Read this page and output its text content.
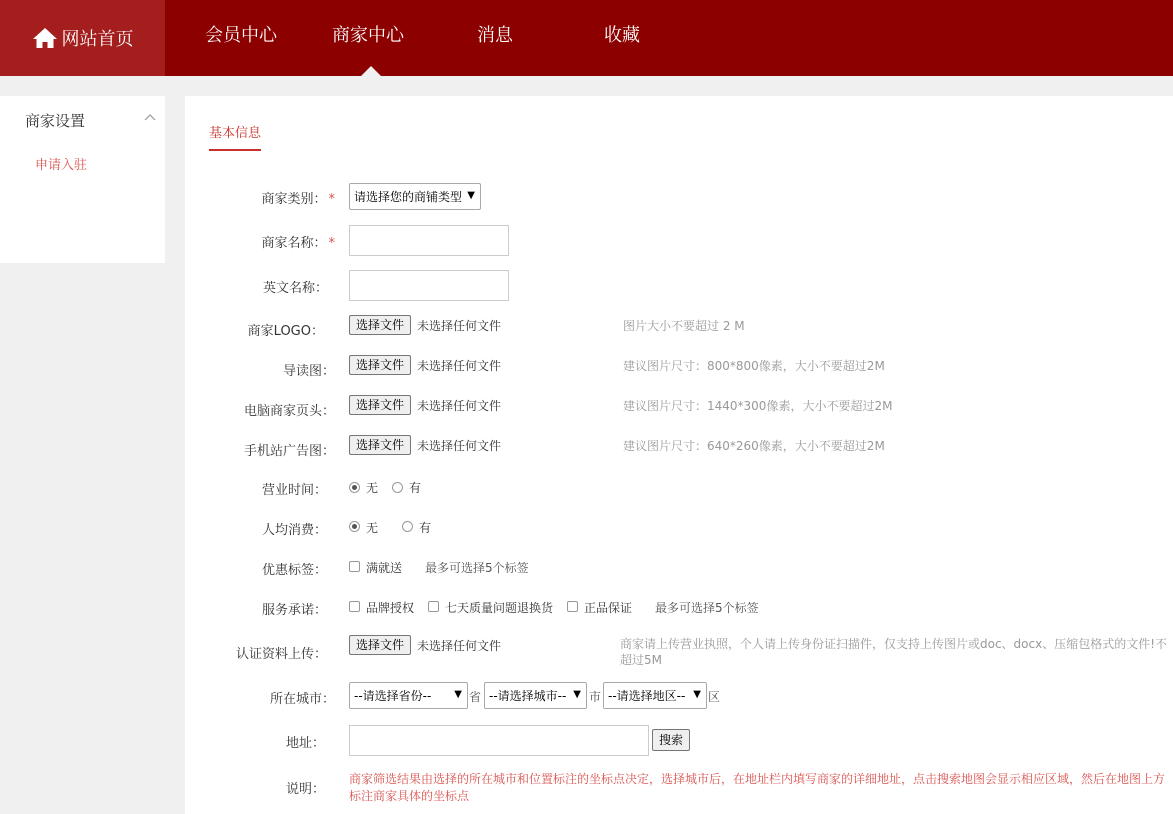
网站首页	会员中心	商家中心	消息	收藏
商家设置
申请入驻
基本信息
商家类别： * 请选择您的商铺类型 ▼
商家名称： *
英文名称：
商家LOGO：	选择文件	未选择任何文件	图片大小不要超过 2 M
导读图：	选择文件	未选择任何文件	建议图片尺寸：800*800像素，大小不要超过2M
电脑商家页头：	选择文件	未选择任何文件	建议图片尺寸：1440*300像素，大小不要超过2M
手机站广告图：	选择文件	未选择任何文件	建议图片尺寸：640*260像素，大小不要超过2M
营业时间：	无	有
人均消费：	无	有
优惠标签：	满就送 最多可选择5个标签
服务承诺：	品牌授权	七天质量问题退换货	正品保证 最多可选择5个标签
认证资料上传：
选择文件	未选择任何文件	商家请上传营业执照，个人请上传身份证扫描件，仅支持上传图片或doc、docx、压缩包格式的文件!不超过5M
所在城市： --请选择省份-- ▼ 省 --请选择城市-- ▼ 市 --请选择地区-- ▼ 区
地址：	搜索
说明：
商家筛选结果由选择的所在城市和位置标注的坐标点决定，选择城市后，在地址栏内填写商家的详细地址，点击搜索地图会显示相应区域，然后在地图上方标注商家具体的坐标点
